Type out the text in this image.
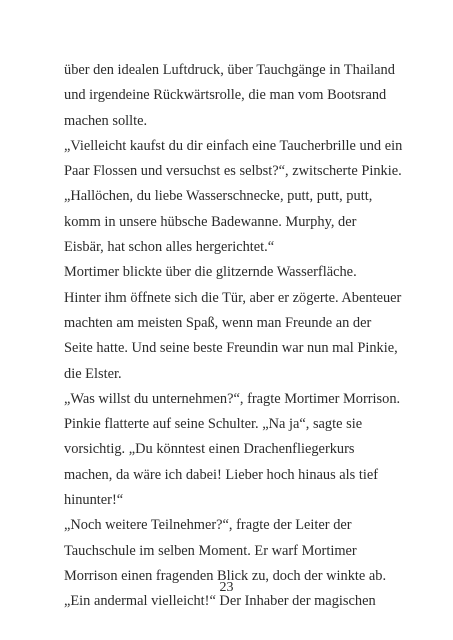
über den idealen Luftdruck, über Tauchgänge in Thailand
und irgendeine Rückwärtsrolle, die man vom Bootsrand
machen sollte.
„Vielleicht kaufst du dir einfach eine Taucherbrille und ein
Paar Flossen und versuchst es selbst?“, zwitscherte Pinkie.
„Hallöchen, du liebe Wasserschnecke, putt, putt, putt,
komm in unsere hübsche Badewanne. Murphy, der
Eisbär, hat schon alles hergerichtet.“
Mortimer blickte über die glitzernde Wasserfläche.
Hinter ihm öffnete sich die Tür, aber er zögerte. Abenteuer
machten am meisten Spaß, wenn man Freunde an der
Seite hatte. Und seine beste Freundin war nun mal Pinkie,
die Elster.
„Was willst du unternehmen?“, fragte Mortimer Morrison.
Pinkie flatterte auf seine Schulter. „Na ja“, sagte sie
vorsichtig. „Du könntest einen Drachenfliegerkurs
machen, da wäre ich dabei! Lieber hoch hinaus als tief
hinunter!“
„Noch weitere Teilnehmer?“, fragte der Leiter der
Tauchschule im selben Moment. Er warf Mortimer
Morrison einen fragenden Blick zu, doch der winkte ab.
„Ein andermal vielleicht!“ Der Inhaber der magischen
23
